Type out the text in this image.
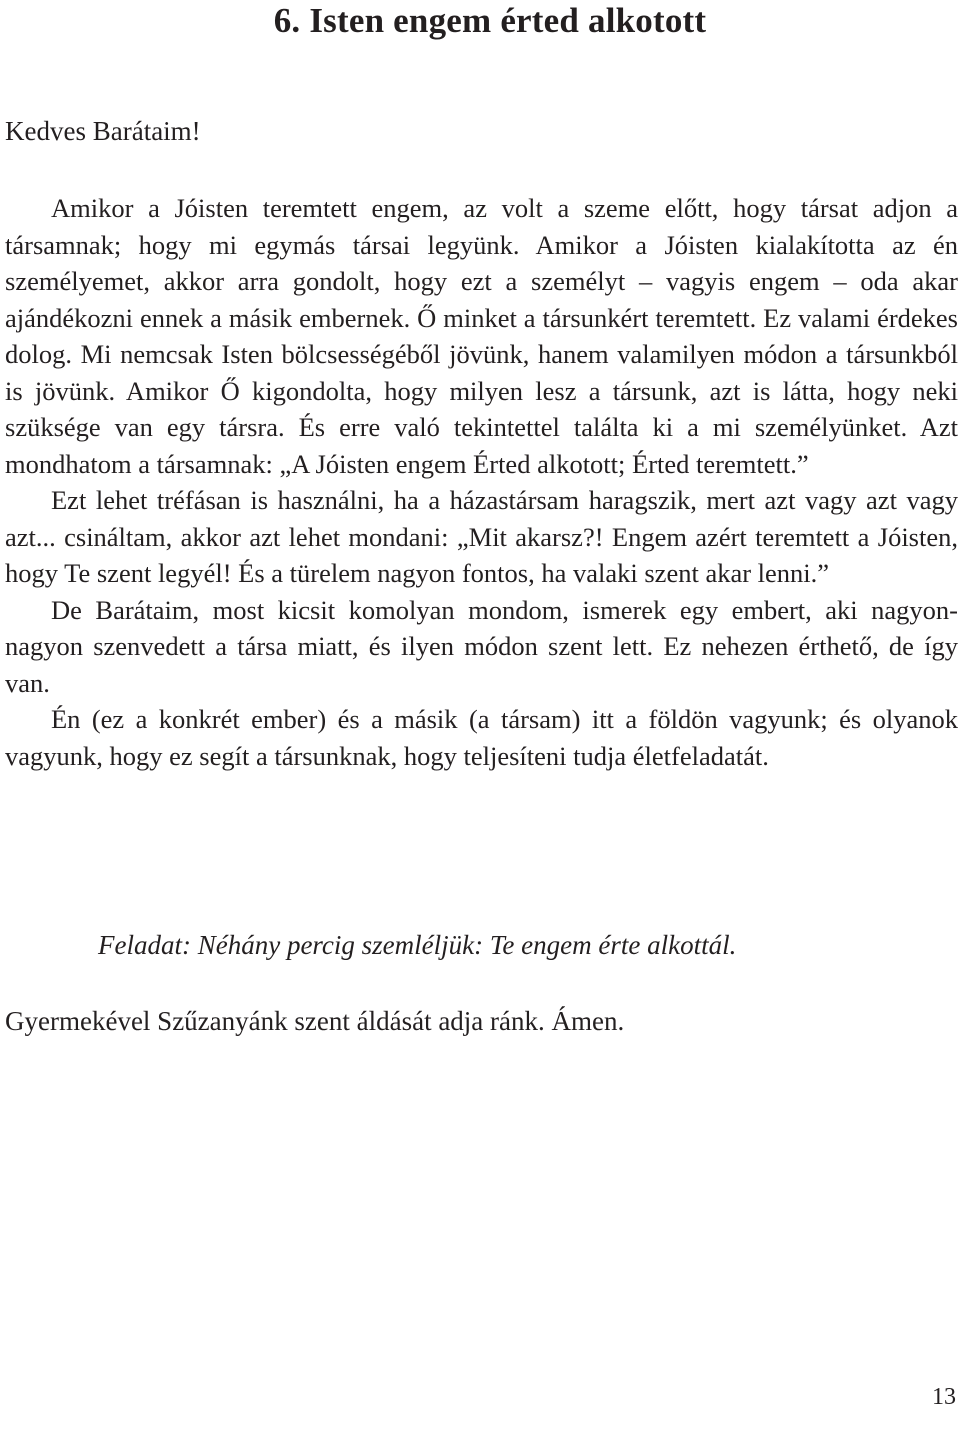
6. Isten engem érted alkotott

Kedves Barátaim!

Amikor a Jóisten teremtett engem, az volt a szeme előtt, hogy társat adjon a társamnak; hogy mi egymás társai legyünk. Amikor a Jóisten kialakította az én személyemet, akkor arra gondolt, hogy ezt a személyt – vagyis engem – oda akar ajándékozni ennek a másik embernek. Ő minket a társunkért teremtett. Ez valami érdekes dolog. Mi nemcsak Isten bölcsességéből jövünk, hanem valamilyen módon a társunkból is jövünk. Amikor Ő kigondolta, hogy milyen lesz a társunk, azt is látta, hogy neki szüksége van egy társra. És erre való tekintettel találta ki a mi személyünket. Azt mondhatom a társamnak: „A Jóisten engem Érted alkotott; Érted teremtett.”

Ezt lehet tréfásan is használni, ha a házastársam haragszik, mert azt vagy azt vagy azt... csináltam, akkor azt lehet mondani: „Mit akarsz?! Engem azért teremtett a Jóisten, hogy Te szent legyél! És a türelem nagyon fontos, ha valaki szent akar lenni.”

De Barátaim, most kicsit komolyan mondom, ismerek egy embert, aki nagyon-nagyon szenvedett a társa miatt, és ilyen módon szent lett. Ez nehezen érthető, de így van.

Én (ez a konkrét ember) és a másik (a társam) itt a földön vagyunk; és olyanok vagyunk, hogy ez segít a társunknak, hogy teljesíteni tudja életfeladatát.

Feladat: Néhány percig szemléljük: Te engem érte alkottál.

Gyermekével Szűzanyánk szent áldását adja ránk. Ámen.

13
